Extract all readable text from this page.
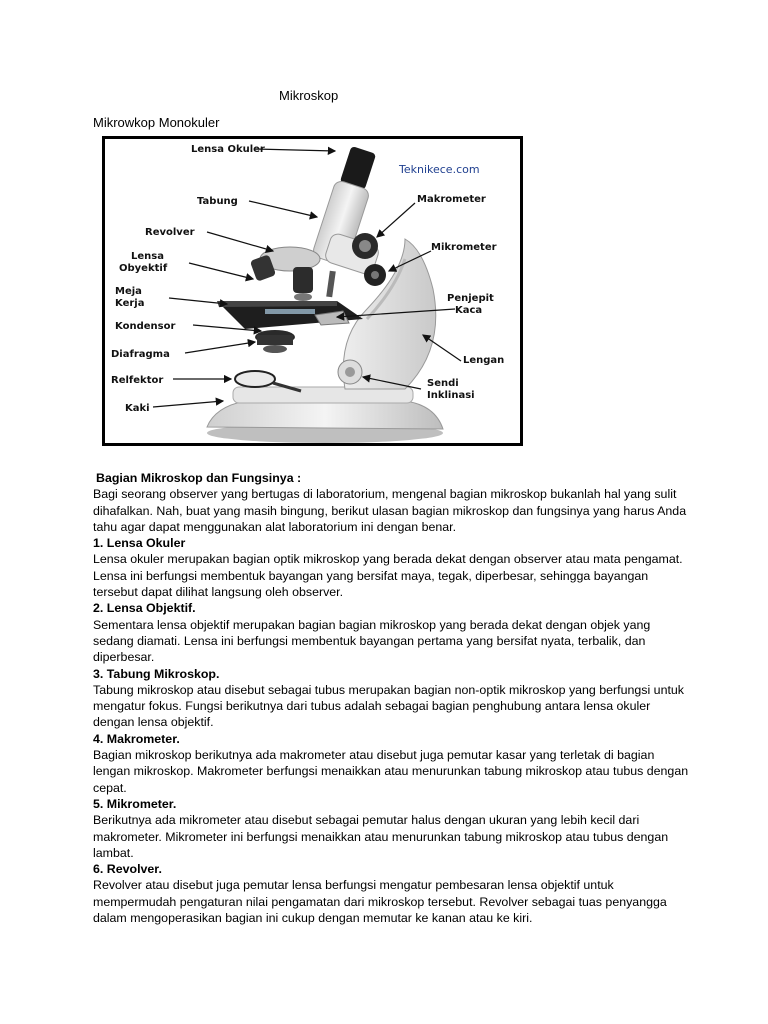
Mikroskop
Mikrowkop Monokuler
Teknikece.com
Lensa Okuler
Tabung
Revolver
Lensa
Obyektif
Meja
Kerja
Kondensor
Diafragma
Relfektor
Kaki
Makrometer
Mikrometer
Penjepit
Kaca
Lengan
Sendi
Inklinasi

Bagian Mikroskop dan Fungsinya :

Bagi seorang observer yang bertugas di laboratorium, mengenal bagian mikroskop bukanlah hal yang sulit dihafalkan. Nah, buat yang masih bingung, berikut ulasan bagian mikroskop dan fungsinya yang harus Anda tahu agar dapat menggunakan alat laboratorium ini dengan benar.

1. Lensa Okuler

Lensa okuler merupakan bagian optik mikroskop yang berada dekat dengan observer atau mata pengamat. Lensa ini berfungsi membentuk bayangan yang bersifat maya, tegak, diperbesar, sehingga bayangan tersebut dapat dilihat langsung oleh observer.

2. Lensa Objektif.

Sementara lensa objektif merupakan bagian bagian mikroskop yang berada dekat dengan objek yang sedang diamati. Lensa ini berfungsi membentuk bayangan pertama yang bersifat nyata, terbalik, dan diperbesar.

3. Tabung Mikroskop.

Tabung mikroskop atau disebut sebagai tubus merupakan bagian non-optik mikroskop yang berfungsi untuk mengatur fokus. Fungsi berikutnya dari tubus adalah sebagai bagian penghubung antara lensa okuler dengan lensa objektif.

4. Makrometer.

Bagian mikroskop berikutnya ada makrometer atau disebut juga pemutar kasar yang terletak di bagian lengan mikroskop. Makrometer berfungsi menaikkan atau menurunkan tabung mikroskop atau tubus dengan cepat.

5. Mikrometer.

Berikutnya ada mikrometer atau disebut sebagai pemutar halus dengan ukuran yang lebih kecil dari makrometer. Mikrometer ini berfungsi menaikkan atau menurunkan tabung mikroskop atau tubus dengan lambat.

6. Revolver.

Revolver atau disebut juga pemutar lensa berfungsi mengatur pembesaran lensa objektif untuk mempermudah pengaturan nilai pengamatan dari mikroskop tersebut. Revolver sebagai tuas penyangga dalam mengoperasikan bagian ini cukup dengan memutar ke kanan atau ke kiri.
